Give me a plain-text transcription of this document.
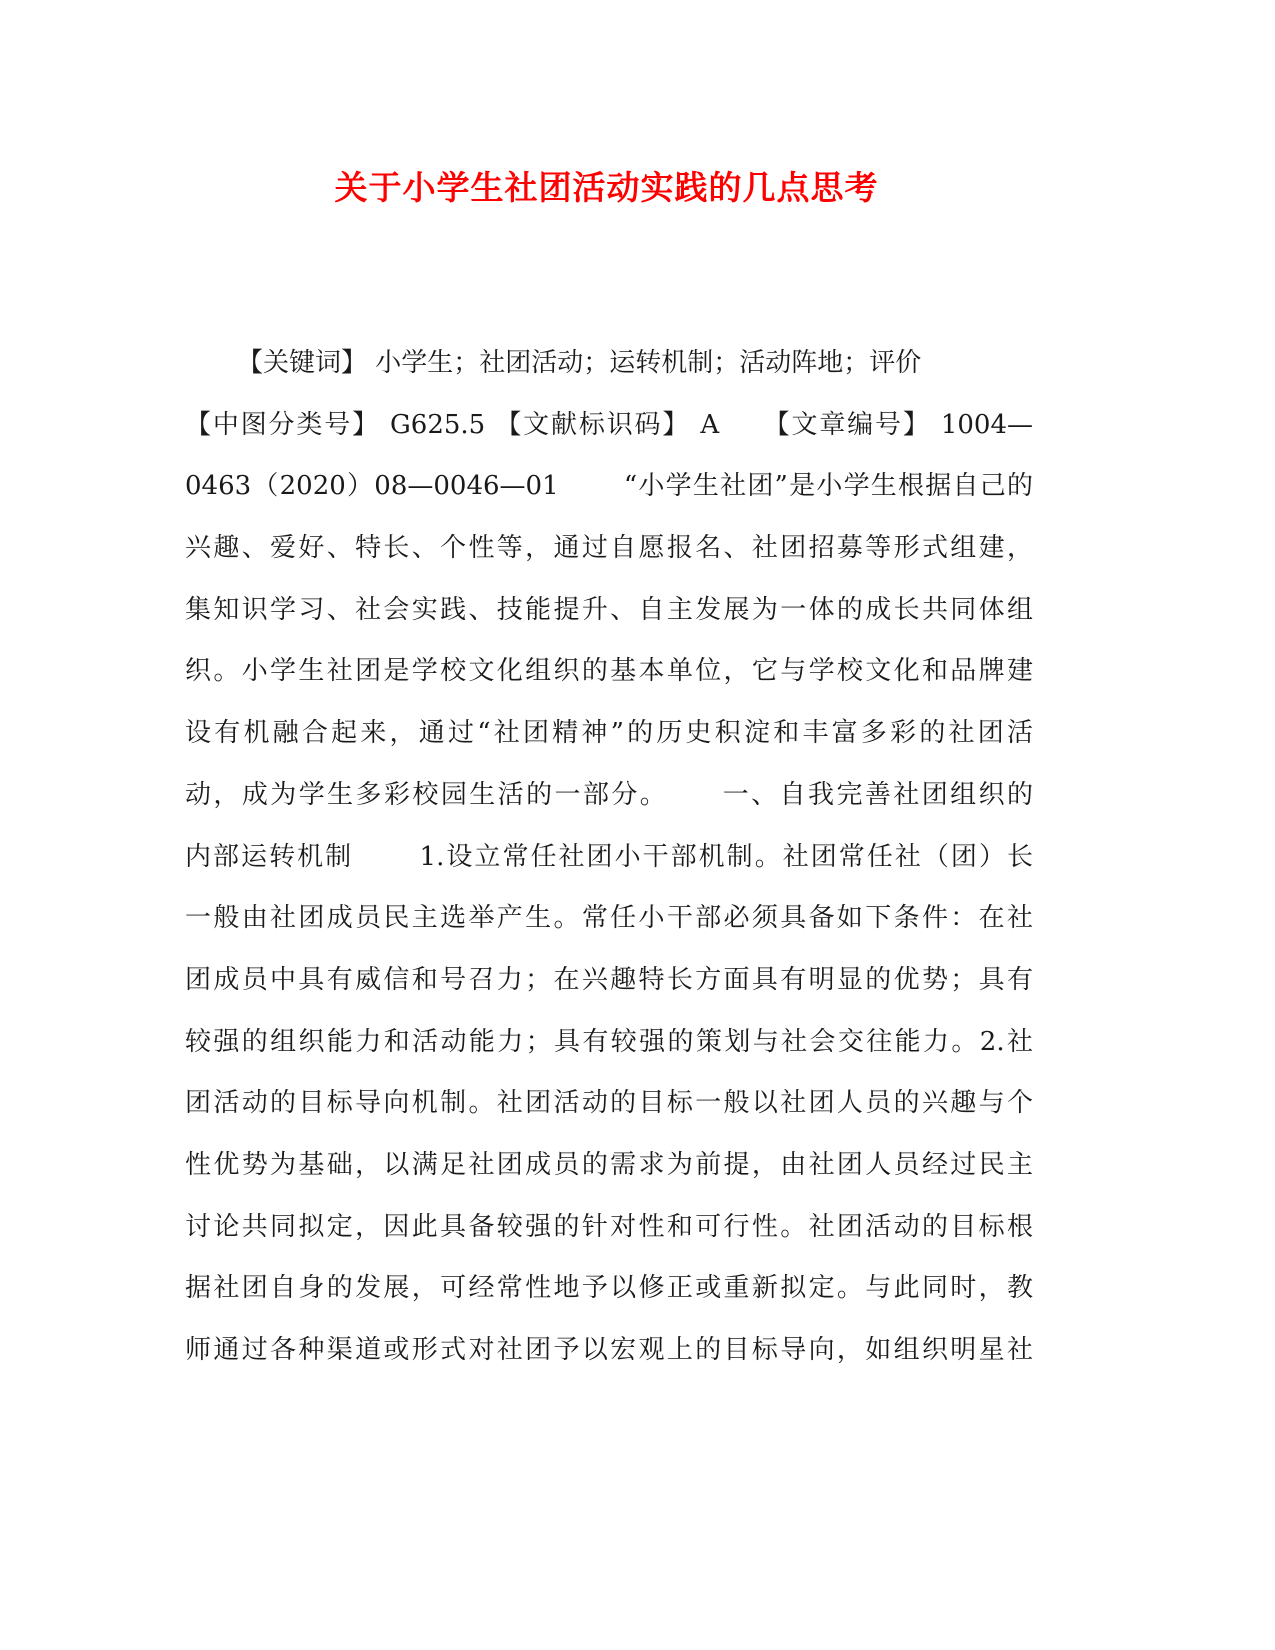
关于小学生社团活动实践的几点思考
【关键词】 小学生；社团活动；运转机制；活动阵地；评价
【中图分类号】 G625.5 【文献标识码】 A　　【文章编号】 1004—
0463（2020）08—0046—01　　 “小学生社团”是小学生根据自己的
兴趣、爱好、特长、个性等，通过自愿报名、社团招募等形式组建，
集知识学习、社会实践、技能提升、自主发展为一体的成长共同体组
织。小学生社团是学校文化组织的基本单位，它与学校文化和品牌建
设有机融合起来，通过“社团精神”的历史积淀和丰富多彩的社团活
动，成为学生多彩校园生活的一部分。　　 一、自我完善社团组织的
内部运转机制　　 1.设立常任社团小干部机制。社团常任社（团）长
一般由社团成员民主选举产生。常任小干部必须具备如下条件：在社
团成员中具有威信和号召力；在兴趣特长方面具有明显的优势；具有
较强的组织能力和活动能力；具有较强的策划与社会交往能力。2.社
团活动的目标导向机制。社团活动的目标一般以社团人员的兴趣与个
性优势为基础，以满足社团成员的需求为前提，由社团人员经过民主
讨论共同拟定，因此具备较强的针对性和可行性。社团活动的目标根
据社团自身的发展，可经常性地予以修正或重新拟定。与此同时，教
师通过各种渠道或形式对社团予以宏观上的目标导向，如组织明星社
